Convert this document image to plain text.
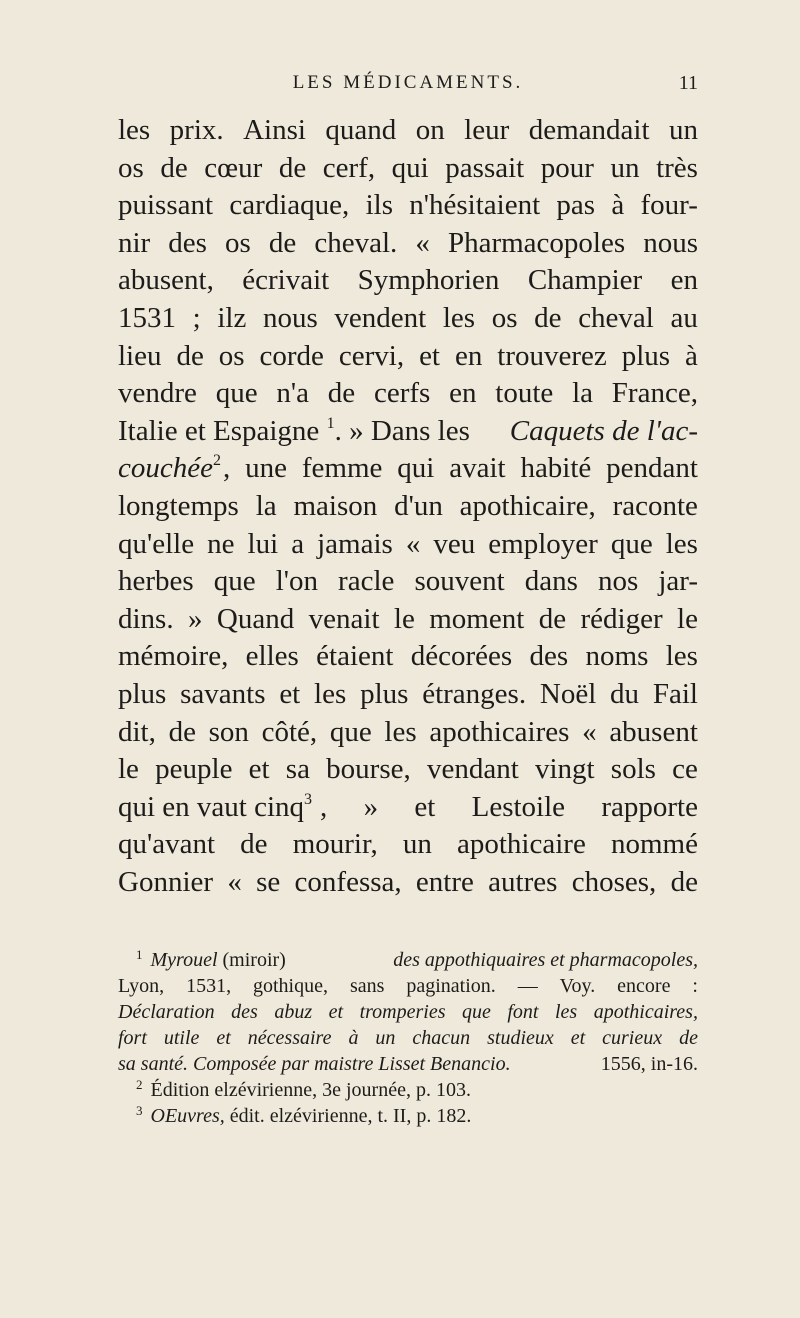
LES MÉDICAMENTS.	11
les prix. Ainsi quand on leur demandait un
os de cœur de cerf, qui passait pour un très
puissant cardiaque, ils n'hésitaient pas à four-
nir des os de cheval. « Pharmacopoles nous
abusent, écrivait Symphorien Champier en
1531 ; ilz nous vendent les os de cheval au
lieu de os corde cervi, et en trouverez plus à
vendre que n'a de cerfs en toute la France,
Italie et Espaigne $^1$. » Dans les Caquets de l'ac-
couchée$^2$ , une femme qui avait habité pendant
longtemps la maison d'un apothicaire, raconte
qu'elle ne lui a jamais « veu employer que les
herbes que l'on racle souvent dans nos jar-
dins. » Quand venait le moment de rédiger le
mémoire, elles étaient décorées des noms les
plus savants et les plus étranges. Noël du Fail
dit, de son côté, que les apothicaires « abusent
le peuple et sa bourse, vendant vingt sols ce
qui en vaut cinq$^3$ , » et Lestoile rapporte
qu'avant de mourir, un apothicaire nommé
Gonnier « se confessa, entre autres choses, de
$^1$ Myrouel (miroir)	des appothiquaires et pharmacopoles,
Lyon, 1531, gothique, sans pagination. — Voy. encore :
Déclaration des abuz et tromperies que font les apothicaires,
fort utile et nécessaire à un chacun studieux et curieux de
sa santé. Composée par maistre Lisset Benancio.	1556, in-16.
$^2$ Édition elzévirienne, 3e journée, p. 103.
$^3$ OEuvres, édit. elzévirienne, t. II, p. 182.
